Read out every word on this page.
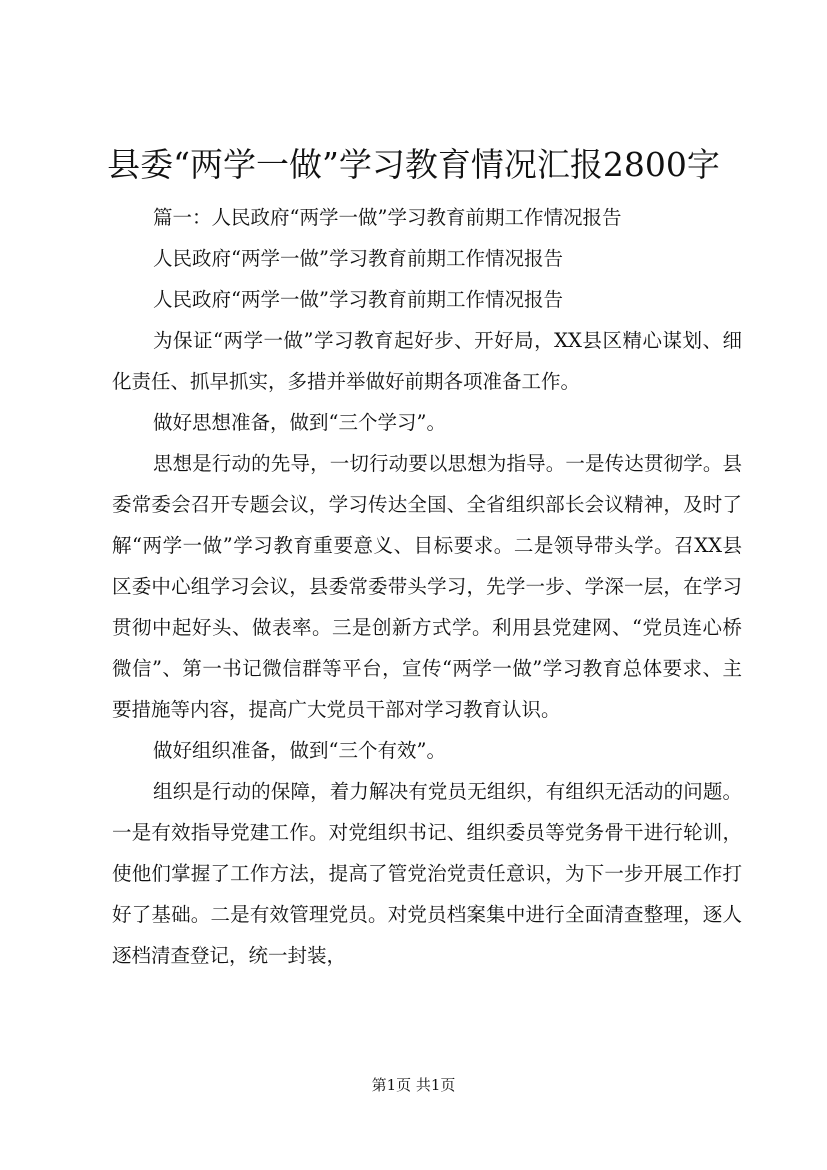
县委“两学一做”学习教育情况汇报2800字

篇一：人民政府“两学一做”学习教育前期工作情况报告

人民政府“两学一做”学习教育前期工作情况报告

人民政府“两学一做”学习教育前期工作情况报告

为保证“两学一做”学习教育起好步、开好局，XX县区精心谋划、细化责任、抓早抓实，多措并举做好前期各项准备工作。

做好思想准备，做到“三个学习”。

思想是行动的先导，一切行动要以思想为指导。一是传达贯彻学。县委常委会召开专题会议，学习传达全国、全省组织部长会议精神，及时了解“两学一做”学习教育重要意义、目标要求。二是领导带头学。召XX县区委中心组学习会议，县委常委带头学习，先学一步、学深一层，在学习贯彻中起好头、做表率。三是创新方式学。利用县党建网、“党员连心桥微信”、第一书记微信群等平台，宣传“两学一做”学习教育总体要求、主要措施等内容，提高广大党员干部对学习教育认识。

做好组织准备，做到“三个有效”。

组织是行动的保障，着力解决有党员无组织，有组织无活动的问题。一是有效指导党建工作。对党组织书记、组织委员等党务骨干进行轮训，使他们掌握了工作方法，提高了管党治党责任意识，为下一步开展工作打好了基础。二是有效管理党员。对党员档案集中进行全面清查整理，逐人逐档清查登记，统一封装，

第1页 共1页
